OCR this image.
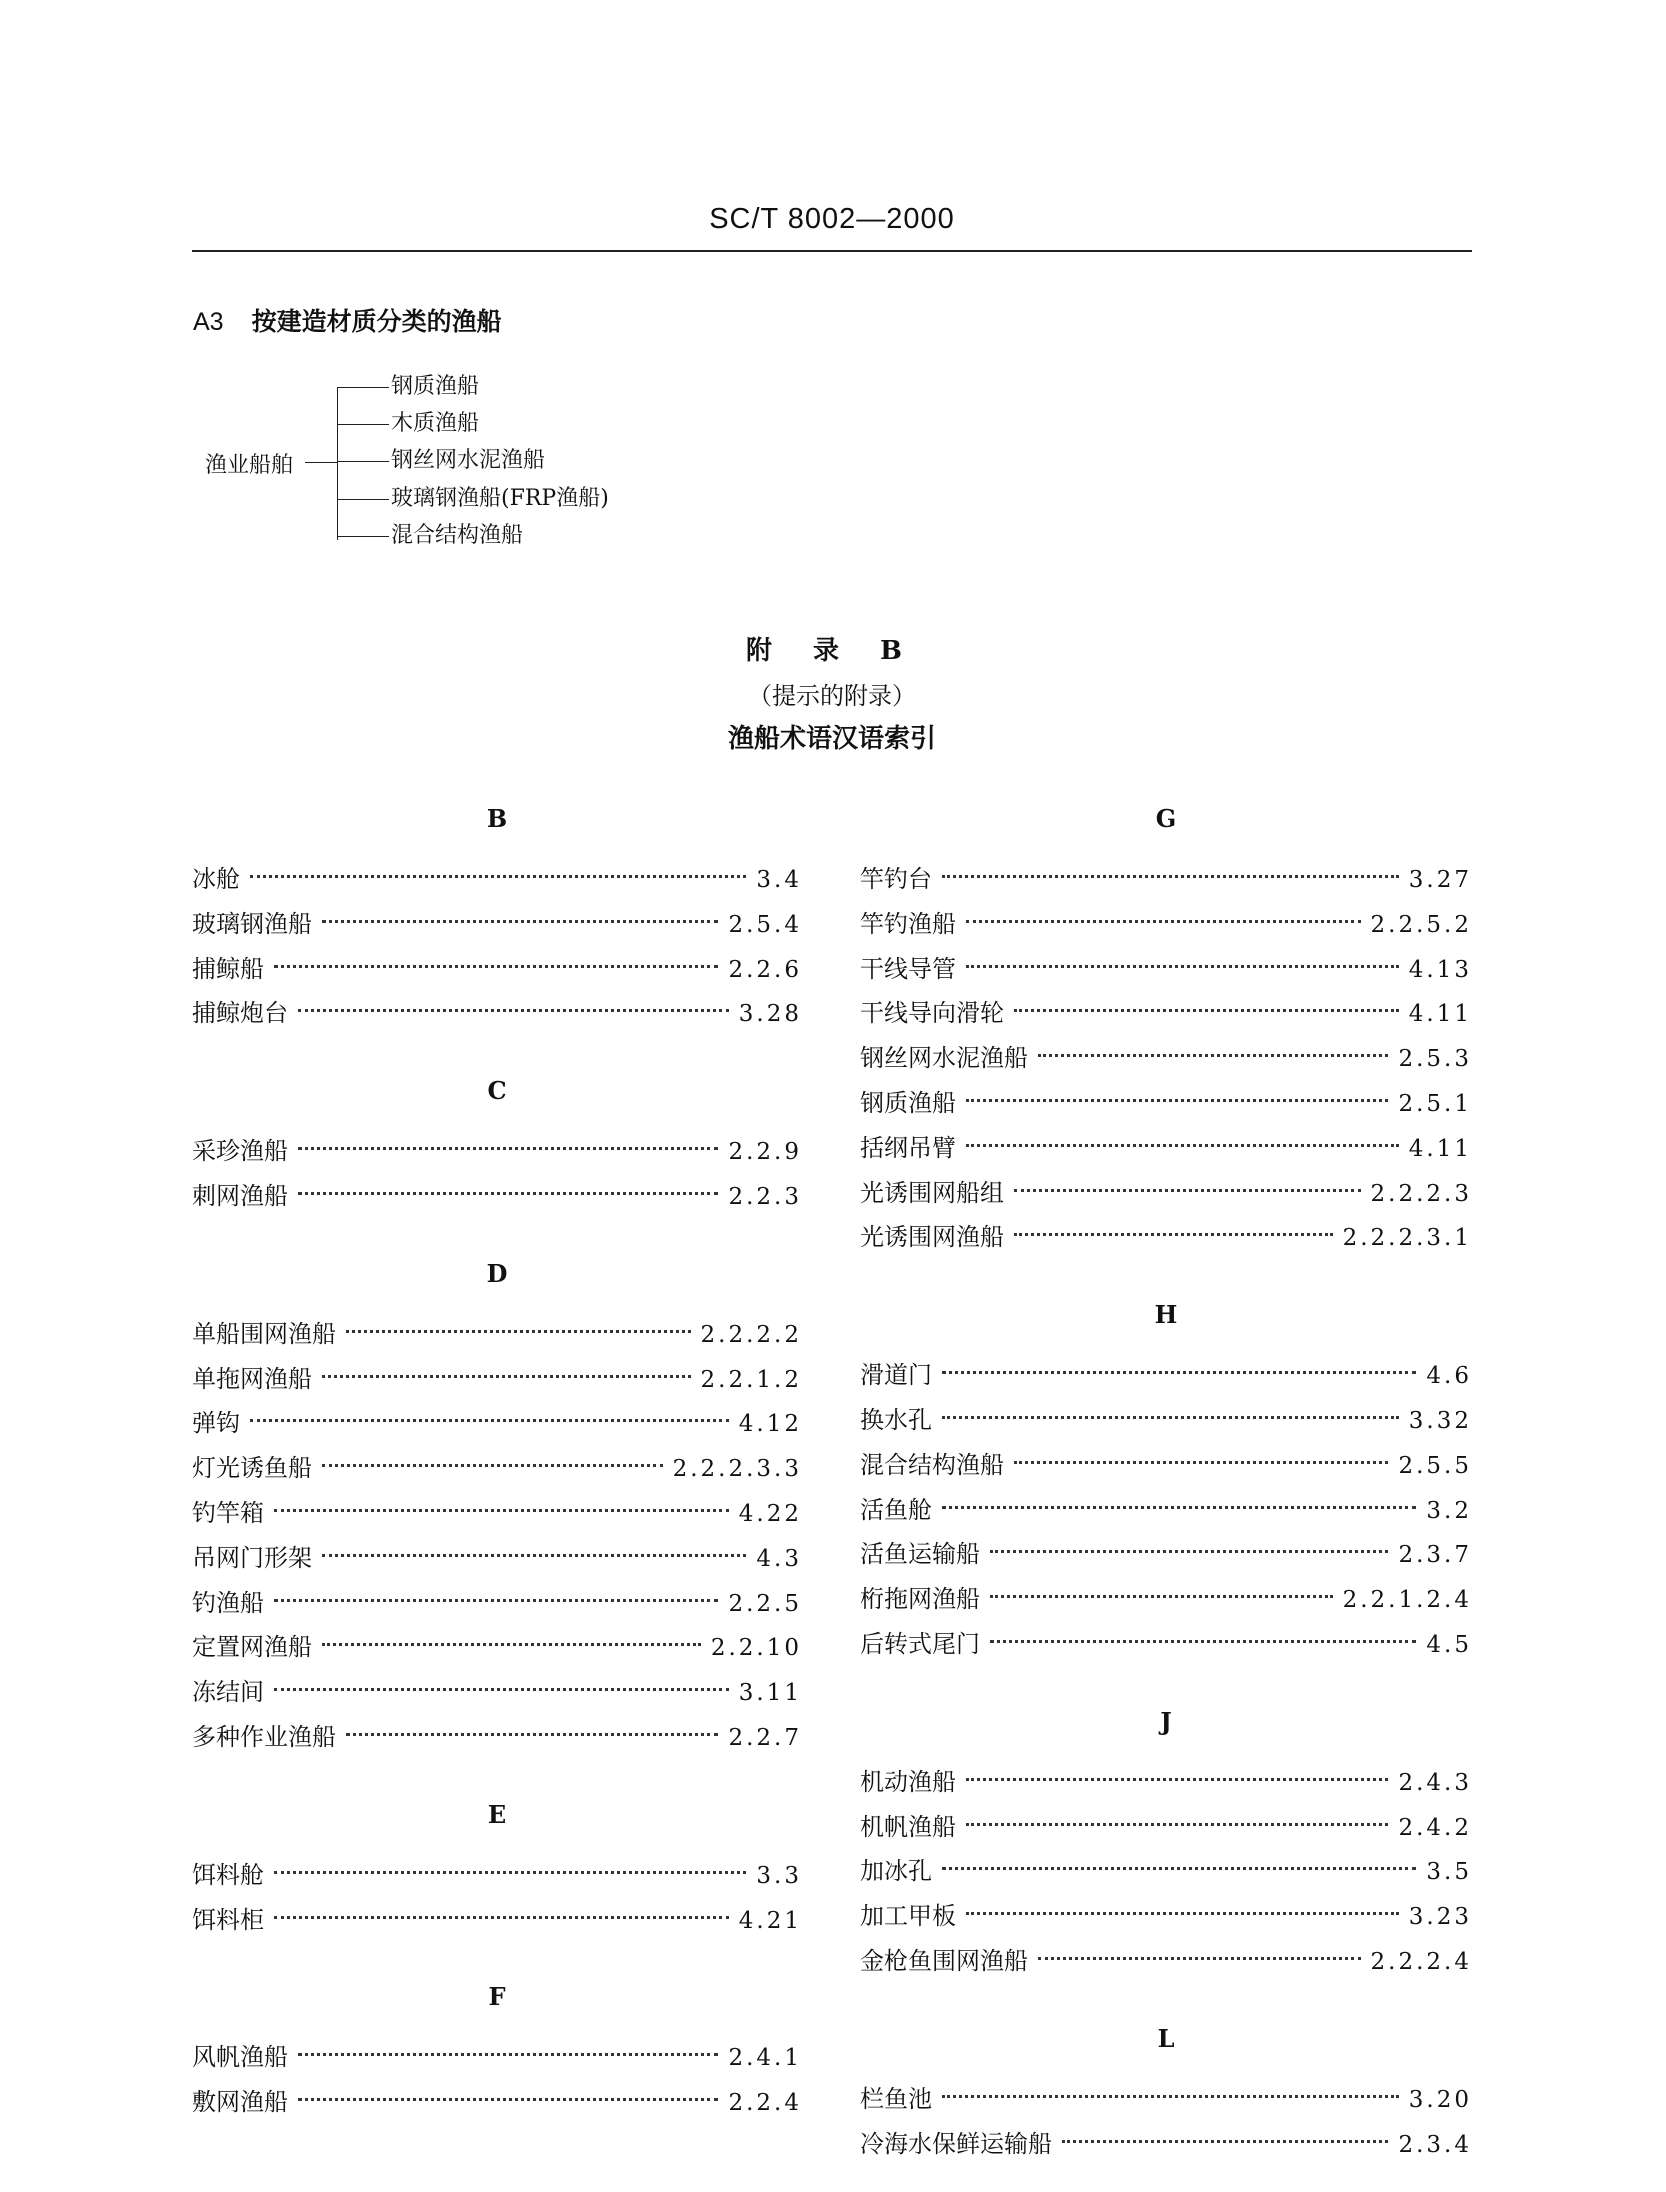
SC/T 8002—2000
A3 按建造材质分类的渔船
渔业船舶
钢质渔船
木质渔船
钢丝网水泥渔船
玻璃钢渔船(FRP渔船)
混合结构渔船
附 录 B
（提示的附录）
渔船术语汉语索引
B
冰舱	3.4
玻璃钢渔船	2.5.4
捕鲸船	2.2.6
捕鲸炮台	3.28
C
采珍渔船	2.2.9
刺网渔船	2.2.3
D
单船围网渔船	2.2.2.2
单拖网渔船	2.2.1.2
弹钩	4.12
灯光诱鱼船	2.2.2.3.3
钓竿箱	4.22
吊网门形架	4.3
钓渔船	2.2.5
定置网渔船	2.2.10
冻结间	3.11
多种作业渔船	2.2.7
E
饵料舱	3.3
饵料柜	4.21
F
风帆渔船	2.4.1
敷网渔船	2.2.4
G
竿钓台	3.27
竿钓渔船	2.2.5.2
干线导管	4.13
干线导向滑轮	4.11
钢丝网水泥渔船	2.5.3
钢质渔船	2.5.1
括纲吊臂	4.11
光诱围网船组	2.2.2.3
光诱围网渔船	2.2.2.3.1
H
滑道门	4.6
换水孔	3.32
混合结构渔船	2.5.5
活鱼舱	3.2
活鱼运输船	2.3.7
桁拖网渔船	2.2.1.2.4
后转式尾门	4.5
J
机动渔船	2.4.3
机帆渔船	2.4.2
加冰孔	3.5
加工甲板	3.23
金枪鱼围网渔船	2.2.2.4
L
栏鱼池	3.20
冷海水保鲜运输船	2.3.4
